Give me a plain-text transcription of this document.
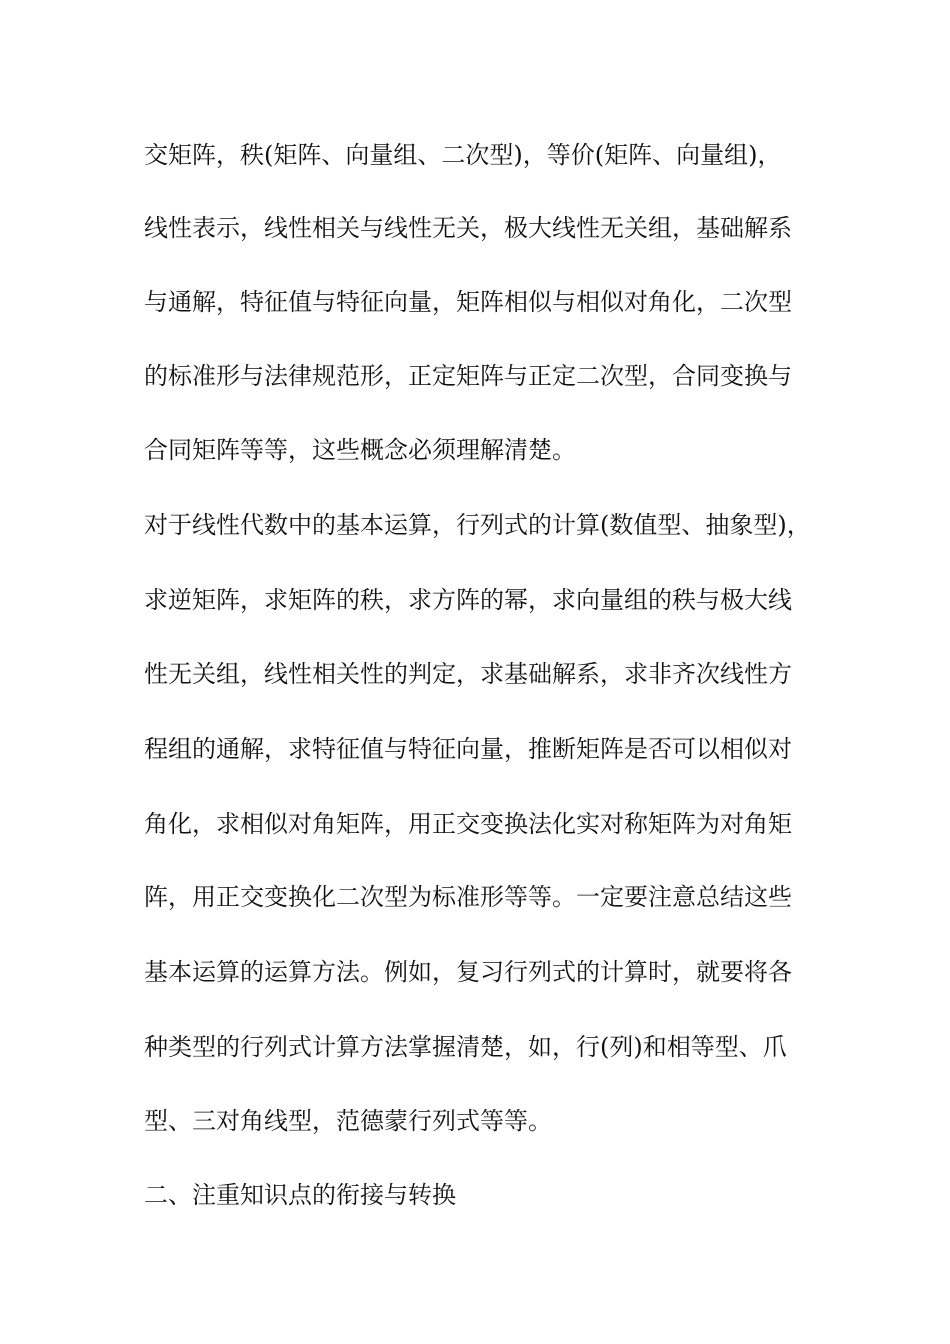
交矩阵，秩(矩阵、向量组、二次型)，等价(矩阵、向量组)，
线性表示，线性相关与线性无关，极大线性无关组，基础解系
与通解，特征值与特征向量，矩阵相似与相似对角化，二次型
的标准形与法律规范形，正定矩阵与正定二次型，合同变换与
合同矩阵等等，这些概念必须理解清楚。
对于线性代数中的基本运算，行列式的计算(数值型、抽象型)，
求逆矩阵，求矩阵的秩，求方阵的幂，求向量组的秩与极大线
性无关组，线性相关性的判定，求基础解系，求非齐次线性方
程组的通解，求特征值与特征向量，推断矩阵是否可以相似对
角化，求相似对角矩阵，用正交变换法化实对称矩阵为对角矩
阵，用正交变换化二次型为标准形等等。一定要注意总结这些
基本运算的运算方法。例如，复习行列式的计算时，就要将各
种类型的行列式计算方法掌握清楚，如，行(列)和相等型、爪
型、三对角线型，范德蒙行列式等等。
二、注重知识点的衔接与转换
